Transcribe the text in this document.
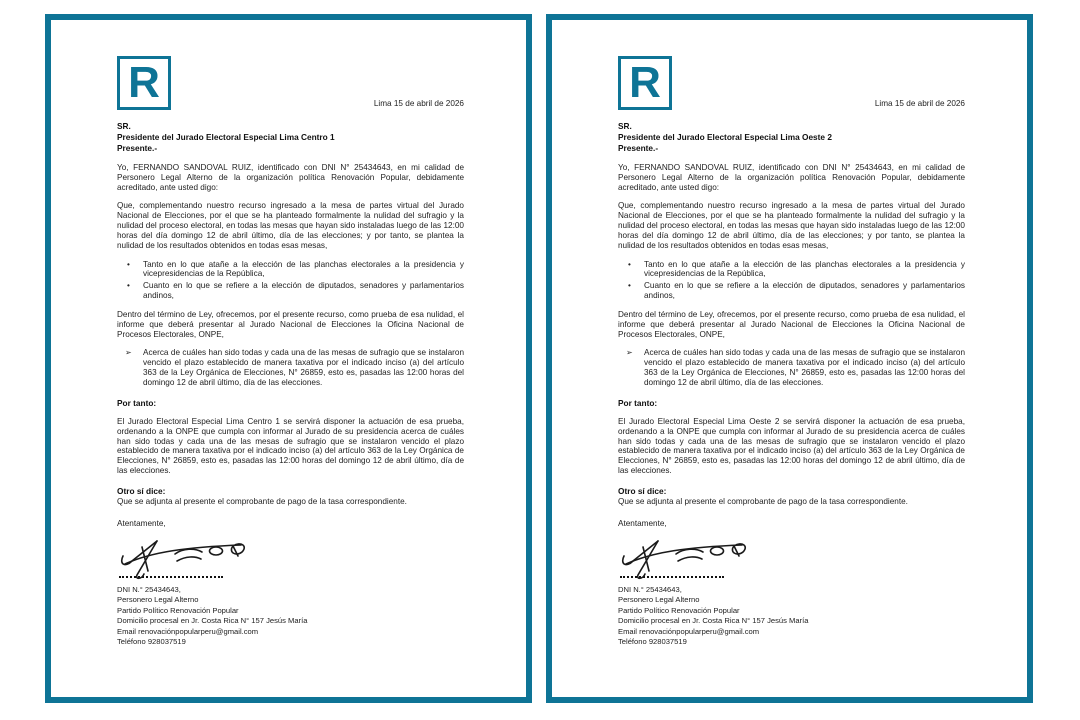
R	Lima 15 de abril de 2026
SR.
Presidente del Jurado Electoral Especial Lima Centro 1
Presente.-

Yo, FERNANDO SANDOVAL RUIZ, identificado con DNI N° 25434643, en mi calidad de Personero Legal Alterno de la organización política Renovación Popular, debidamente acreditado, ante usted digo:

Que, complementando nuestro recurso ingresado a la mesa de partes virtual del Jurado Nacional de Elecciones, por el que se ha planteado formalmente la nulidad del sufragio y la nulidad del proceso electoral, en todas las mesas que hayan sido instaladas luego de las 12:00 horas del día domingo 12 de abril último, día de las elecciones; y por tanto, se plantea la nulidad de los resultados obtenidos en todas esas mesas,

•	Tanto en lo que atañe a la elección de las planchas electorales a la presidencia y vicepresidencias de la República,
•	Cuanto en lo que se refiere a la elección de diputados, senadores y parlamentarios andinos,

Dentro del término de Ley, ofrecemos, por el presente recurso, como prueba de esa nulidad, el informe que deberá presentar al Jurado Nacional de Elecciones la Oficina Nacional de Procesos Electorales, ONPE,

➢	Acerca de cuáles han sido todas y cada una de las mesas de sufragio que se instalaron vencido el plazo establecido de manera taxativa por el indicado inciso (a) del artículo 363 de la Ley Orgánica de Elecciones, N° 26859, esto es, pasadas las 12:00 horas del domingo 12 de abril último, día de las elecciones.
Por tanto:

El Jurado Electoral Especial Lima Centro 1 se servirá disponer la actuación de esa prueba, ordenando a la ONPE que cumpla con informar al Jurado de su presidencia acerca de cuáles han sido todas y cada una de las mesas de sufragio que se instalaron vencido el plazo establecido de manera taxativa por el indicado inciso (a) del artículo 363 de la Ley Orgánica de Elecciones, N° 26859, esto es, pasadas las 12:00 horas del domingo 12 de abril último, día de las elecciones.

Otro sí dice:

Que se adjunta al presente el comprobante de pago de la tasa correspondiente.

Atentamente,
DNI N.° 25434643,
Personero Legal Alterno
Partido Político Renovación Popular
Domicilio procesal en Jr. Costa Rica N° 157 Jesús María
Email renovaciónpopularperu@gmail.com
Teléfono 928037519
R	Lima 15 de abril de 2026
SR.
Presidente del Jurado Electoral Especial Lima Oeste 2
Presente.-

Yo, FERNANDO SANDOVAL RUIZ, identificado con DNI N° 25434643, en mi calidad de Personero Legal Alterno de la organización política Renovación Popular, debidamente acreditado, ante usted digo:

Que, complementando nuestro recurso ingresado a la mesa de partes virtual del Jurado Nacional de Elecciones, por el que se ha planteado formalmente la nulidad del sufragio y la nulidad del proceso electoral, en todas las mesas que hayan sido instaladas luego de las 12:00 horas del día domingo 12 de abril último, día de las elecciones; y por tanto, se plantea la nulidad de los resultados obtenidos en todas esas mesas,

•	Tanto en lo que atañe a la elección de las planchas electorales a la presidencia y vicepresidencias de la República,
•	Cuanto en lo que se refiere a la elección de diputados, senadores y parlamentarios andinos,

Dentro del término de Ley, ofrecemos, por el presente recurso, como prueba de esa nulidad, el informe que deberá presentar al Jurado Nacional de Elecciones la Oficina Nacional de Procesos Electorales, ONPE,

➢	Acerca de cuáles han sido todas y cada una de las mesas de sufragio que se instalaron vencido el plazo establecido de manera taxativa por el indicado inciso (a) del artículo 363 de la Ley Orgánica de Elecciones, N° 26859, esto es, pasadas las 12:00 horas del domingo 12 de abril último, día de las elecciones.
Por tanto:

El Jurado Electoral Especial Lima Oeste 2 se servirá disponer la actuación de esa prueba, ordenando a la ONPE que cumpla con informar al Jurado de su presidencia acerca de cuáles han sido todas y cada una de las mesas de sufragio que se instalaron vencido el plazo establecido de manera taxativa por el indicado inciso (a) del artículo 363 de la Ley Orgánica de Elecciones, N° 26859, esto es, pasadas las 12:00 horas del domingo 12 de abril último, día de las elecciones.

Otro sí dice:

Que se adjunta al presente el comprobante de pago de la tasa correspondiente.

Atentamente,
DNI N.° 25434643,
Personero Legal Alterno
Partido Político Renovación Popular
Domicilio procesal en Jr. Costa Rica N° 157 Jesús María
Email renovaciónpopularperu@gmail.com
Teléfono 928037519
